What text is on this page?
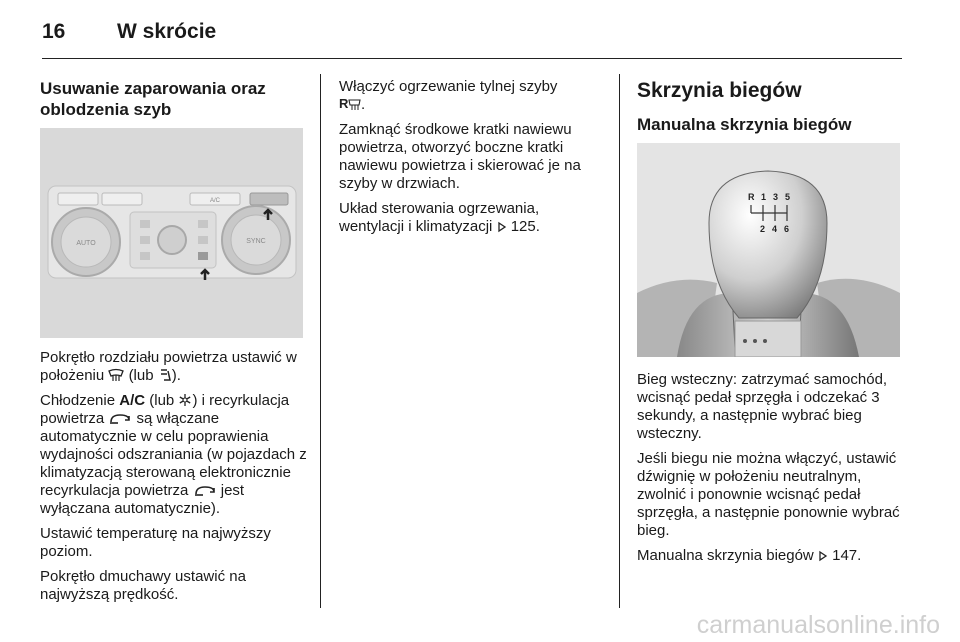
16 W skrócie
Usuwanie zaparowania oraz oblodzenia szyb
A/C
AUTO	SYNC

Pokrętło rozdziału powietrza ustawić w położeniu (lub ).

Chłodzenie A/C (lub ) i recyrkulacja powietrza są włączane automatycznie w celu poprawienia wydajności odszraniania (w pojazdach z klimatyzacją sterowaną elektronicznie recyrkulacja powietrza jest wyłączana automatycznie).

Ustawić temperaturę na najwyższy poziom.

Pokrętło dmuchawy ustawić na najwyższą prędkość.

Włączyć ogrzewanie tylnej szyby

R .

Zamknąć środkowe kratki nawiewu powietrza, otworzyć boczne kratki nawiewu powietrza i skierować je na szyby w drzwiach.

Układ sterowania ogrzewania, wentylacji i klimatyzacji 125.

Skrzynia biegów
Manualna skrzynia biegów
R 1 3 5
2 4 6

Bieg wsteczny: zatrzymać samochód, wcisnąć pedał sprzęgła i odczekać 3 sekundy, a następnie wybrać bieg wsteczny.

Jeśli biegu nie można włączyć, ustawić dźwignię w położeniu neutralnym, zwolnić i ponownie wcisnąć pedał sprzęgła, a następnie ponownie wybrać bieg.

Manualna skrzynia biegów 147.

carmanualsonline.info
